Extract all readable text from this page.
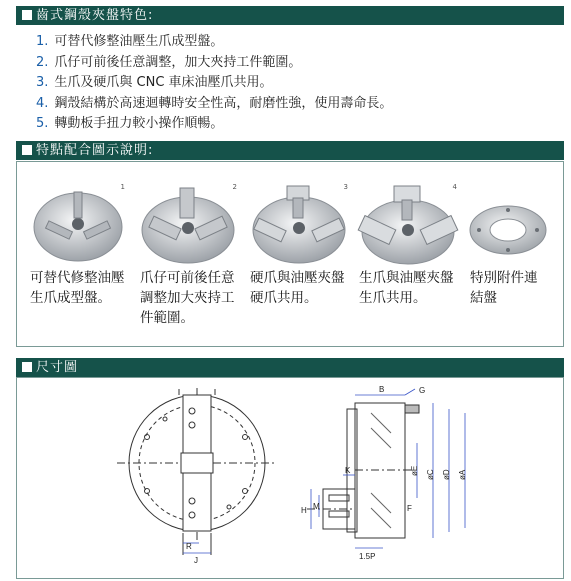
齒式鋼殼夾盤特色:
1. 可替代修整油壓生爪成型盤。
2. 爪仔可前後任意調整，加大夾持工件範圍。
3. 生爪及硬爪與 CNC 車床油壓爪共用。
4. 鋼殼結構於高速迴轉時安全性高，耐磨性強，使用壽命長。
5. 轉動板手扭力較小操作順暢。
特點配合圖示說明:
1	2	3	4
可替代修整油壓生爪成型盤。
爪仔可前後任意調整加大夾持工件範圍。
硬爪與油壓夾盤硬爪共用。
生爪與油壓夾盤生爪共用。
特別附件連結盤
尺寸圖
R
J
B	G
K	øE øC øD øA
H M	F
1.5P
